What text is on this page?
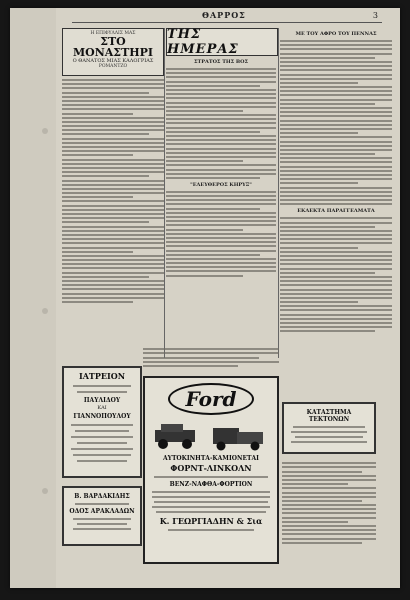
ΘΑΡΡΟΣ	3
Η ΕΠΙΦΥΛΛΙΣ ΜΑΣ
ΣΤΟ ΜΟΝΑΣΤΗΡΙ
Ο ΘΑΝΑΤΟΣ ΜΙΑΣ ΚΑΛΟΓΡΙΑΣ
ΡΟΜΑΝΤΖΟ
ΤΗΣ ΗΜΕΡΑΣ
ΣΤΡΑΤΟΣ ΤΗΣ ΒΟΣ
"ΕΛΕΥΘΕΡΟΣ ΚΗΡΥΞ"
ΜΕ ΤΟΥ ΑΦΡΟ ΤΟΥ ΠΕΝΝΑΣ
ΕΚΛΕΚΤΑ ΠΑΡΑΓΓΕΛΜΑΤΑ
ΙΑΤΡΕΙΟΝ
ΠΑΥΛΙΔΟΥ
ΚΑΙ
ΓΙΑΝΝΟΠΟΥΛΟΥ
Β. ΒΑΡΔΑΚΙΔΗΣ
ΟΔΟΣ ΑΡΑΚΛΑΔΩΝ
Ford
ΑΥΤΟΚΙΝΗΤΑ-ΚΑΜΙΟΝΕΤΑΙ
ΦΟΡΝΤ-ΛΙΝΚΟΛΝ
ΒΕΝΖ-ΝΑΦΘΑ-ΦΟΡΤΙΟΝ
Κ. ΓΕΩΡΓΙΑΔΗΝ & Σια
ΚΑΤΑΣΤΗΜΑ ΤΕΚΤΟΝΩΝ
